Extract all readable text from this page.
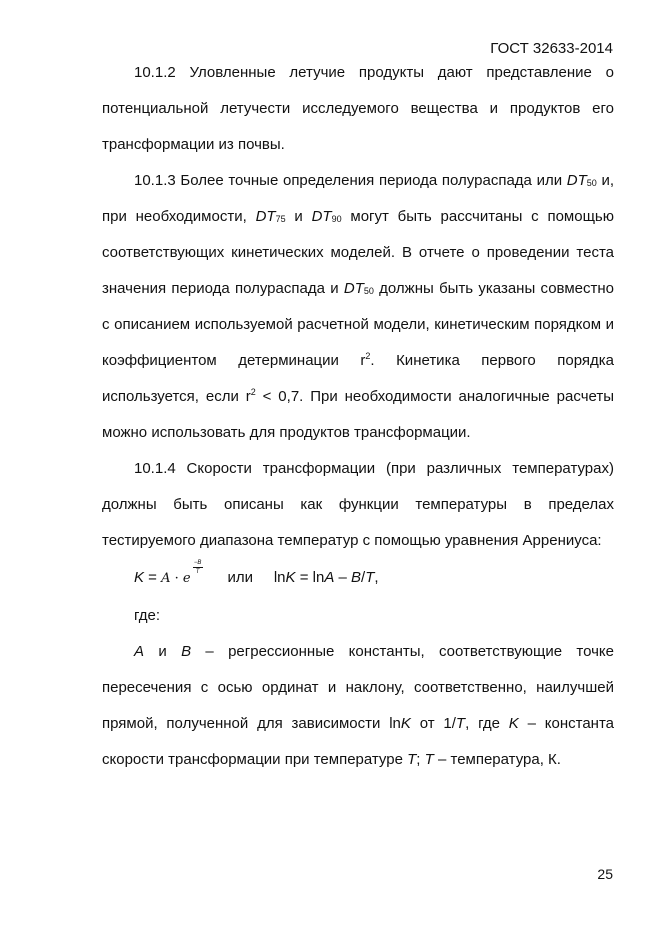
ГОСТ 32633-2014

10.1.2 Уловленные летучие продукты дают представление о потенциальной летучести исследуемого вещества и продуктов его трансформации из почвы.

10.1.3 Более точные определения периода полураспада или $DT_{50}$ и, при необходимости, $DT_{75}$ и $DT_{90}$ могут быть рассчитаны с помощью соответствующих кинетических моделей. В отчете о проведении теста значения периода полураспада и $DT_{50}$ должны быть указаны совместно с описанием используемой расчетной модели, кинетическим порядком и коэффициентом детерминации $r^2$. Кинетика первого порядка используется, если $r^2 < 0,7$. При необходимости аналогичные расчеты можно использовать для продуктов трансформации.

10.1.4 Скорости трансформации (при различных температурах) должны быть описаны как функции температуры в пределах тестируемого диапазона температур с помощью уравнения Аррениуса:

K = A · e
−B
T или lnK = lnA – B/T,

где:

A и B – регрессионные константы, соответствующие точке пересечения с осью ординат и наклону, соответственно, наилучшей прямой, полученной для зависимости lnK от 1/T, где K – константа скорости трансформации при температуре T; T – температура, К.

25
